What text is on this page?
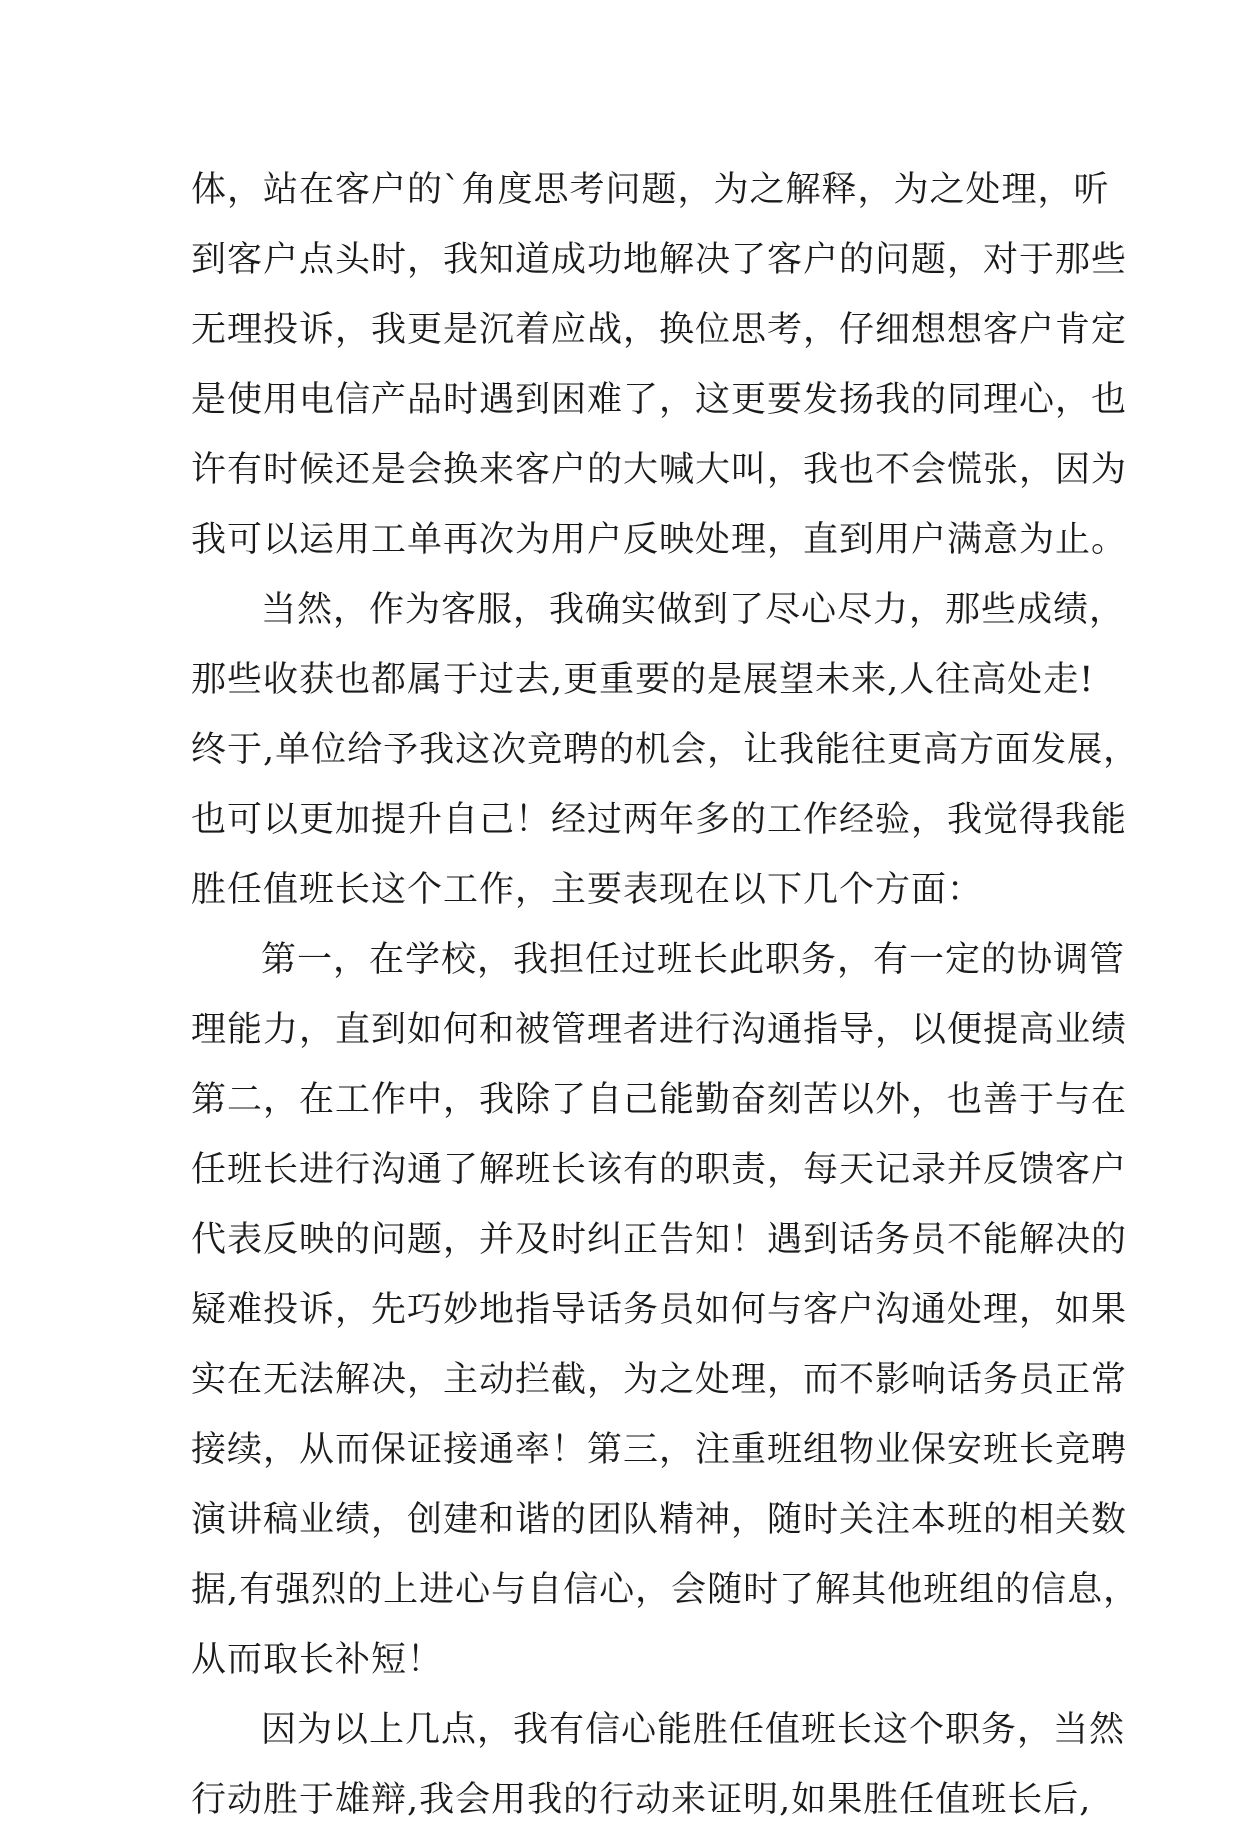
体，站在客户的`角度思考问题，为之解释，为之处理，听
到客户点头时，我知道成功地解决了客户的问题，对于那些
无理投诉，我更是沉着应战，换位思考，仔细想想客户肯定
是使用电信产品时遇到困难了，这更要发扬我的同理心，也
许有时候还是会换来客户的大喊大叫，我也不会慌张，因为
我可以运用工单再次为用户反映处理，直到用户满意为止。
当然，作为客服，我确实做到了尽心尽力，那些成绩，
那些收获也都属于过去,更重要的是展望未来,人往高处走!
终于,单位给予我这次竞聘的机会，让我能往更高方面发展，
也可以更加提升自己！经过两年多的工作经验，我觉得我能
胜任值班长这个工作，主要表现在以下几个方面：
第一，在学校，我担任过班长此职务，有一定的协调管
理能力，直到如何和被管理者进行沟通指导，以便提高业绩
第二，在工作中，我除了自己能勤奋刻苦以外，也善于与在
任班长进行沟通了解班长该有的职责，每天记录并反馈客户
代表反映的问题，并及时纠正告知！遇到话务员不能解决的
疑难投诉，先巧妙地指导话务员如何与客户沟通处理，如果
实在无法解决，主动拦截，为之处理，而不影响话务员正常
接续，从而保证接通率！第三，注重班组物业保安班长竞聘
演讲稿业绩，创建和谐的团队精神，随时关注本班的相关数
据,有强烈的上进心与自信心，会随时了解其他班组的信息，
从而取长补短！
因为以上几点，我有信心能胜任值班长这个职务，当然
行动胜于雄辩,我会用我的行动来证明,如果胜任值班长后,
